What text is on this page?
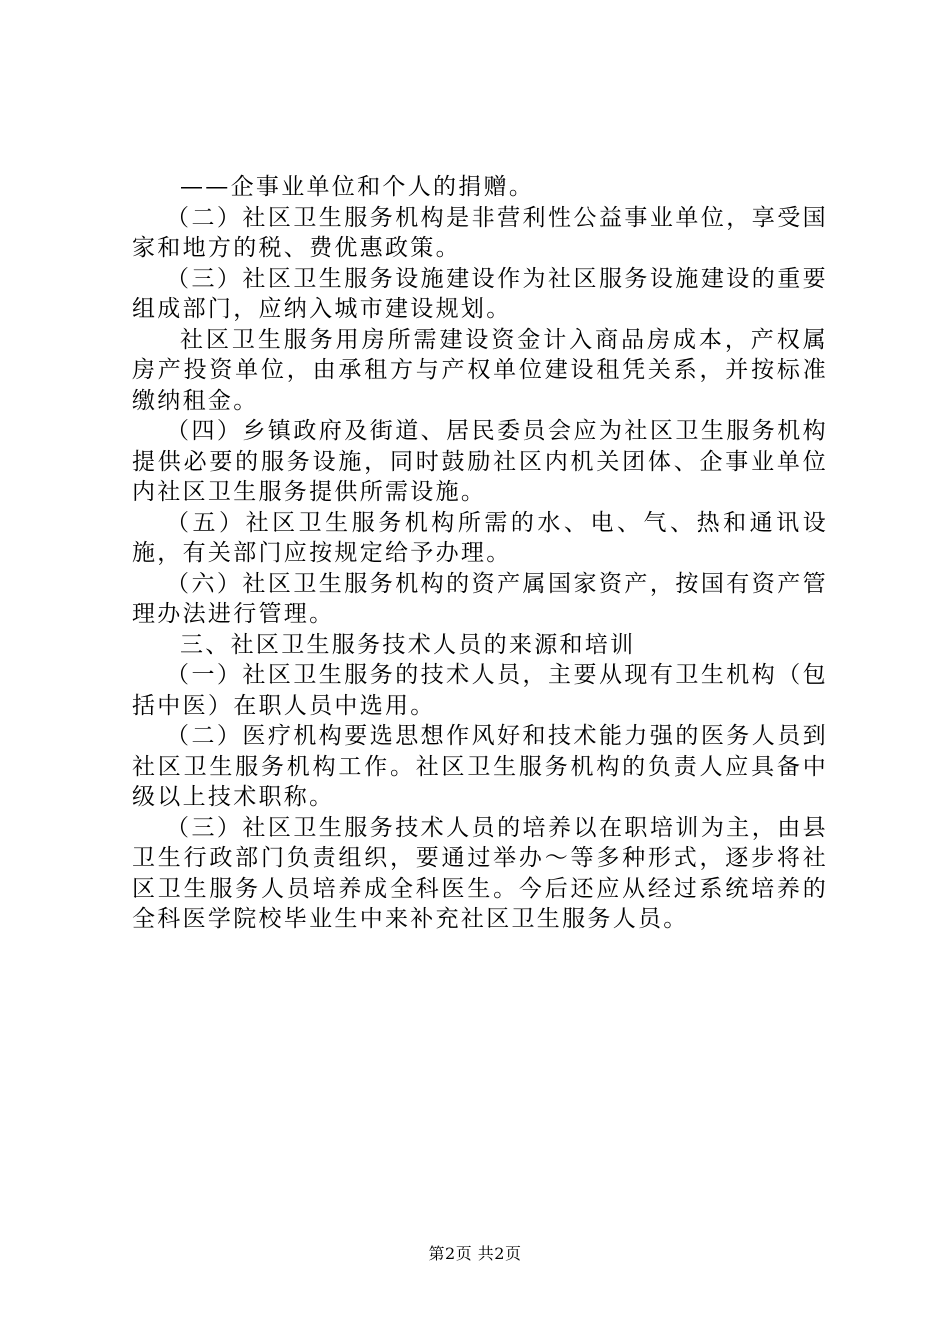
——企事业单位和个人的捐赠。

（二）社区卫生服务机构是非营利性公益事业单位，享受国家和地方的税、费优惠政策。

（三）社区卫生服务设施建设作为社区服务设施建设的重要组成部门，应纳入城市建设规划。

社区卫生服务用房所需建设资金计入商品房成本，产权属房产投资单位，由承租方与产权单位建设租凭关系，并按标准缴纳租金。

（四）乡镇政府及街道、居民委员会应为社区卫生服务机构提供必要的服务设施，同时鼓励社区内机关团体、企事业单位内社区卫生服务提供所需设施。

（五）社区卫生服务机构所需的水、电、气、热和通讯设施，有关部门应按规定给予办理。

（六）社区卫生服务机构的资产属国家资产，按国有资产管理办法进行管理。

三、社区卫生服务技术人员的来源和培训

（一）社区卫生服务的技术人员，主要从现有卫生机构（包括中医）在职人员中选用。

（二）医疗机构要选思想作风好和技术能力强的医务人员到社区卫生服务机构工作。社区卫生服务机构的负责人应具备中级以上技术职称。

（三）社区卫生服务技术人员的培养以在职培训为主，由县卫生行政部门负责组织，要通过举办～等多种形式，逐步将社区卫生服务人员培养成全科医生。今后还应从经过系统培养的全科医学院校毕业生中来补充社区卫生服务人员。

第2页 共2页
